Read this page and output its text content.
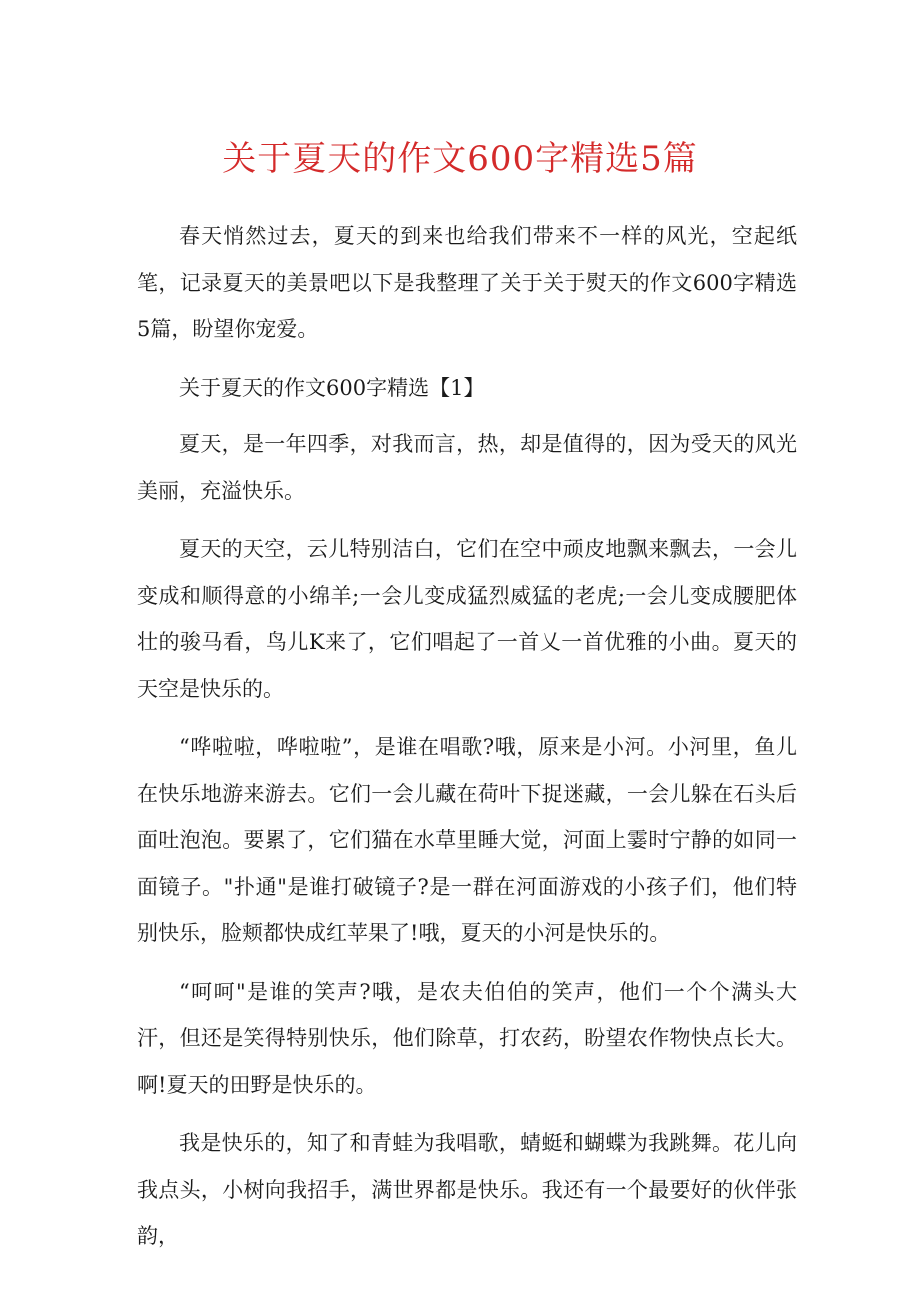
关于夏天的作文600字精选5篇

春天悄然过去，夏天的到来也给我们带来不一样的风光，空起纸笔，记录夏天的美景吧以下是我整理了关于关于熨天的作文600字精选5篇，盼望你宠爱。

关于夏天的作文600字精选【1】

夏天，是一年四季，对我而言，热，却是值得的，因为受天的风光美丽，充溢快乐。

夏天的天空，云儿特别洁白，它们在空中顽皮地飘来飘去，一会儿变成和顺得意的小绵羊;一会儿变成猛烈威猛的老虎;一会儿变成腰肥体壮的骏马看，鸟儿K来了，它们唱起了一首乂一首优雅的小曲。夏天的天空是快乐的。

“哗啦啦，哗啦啦”，是谁在唱歌?哦，原来是小河。小河里，鱼儿在快乐地游来游去。它们一会儿藏在荷叶下捉迷藏，一会儿躲在石头后面吐泡泡。要累了，它们猫在水草里睡大觉，河面上霎时宁静的如同一面镜子。"扑通"是谁打破镜子?是一群在河面游戏的小孩子们，他们特别快乐，脸颊都快成红苹果了!哦，夏天的小河是快乐的。

“呵呵"是谁的笑声?哦，是农夫伯伯的笑声，他们一个个满头大汗，但还是笑得特别快乐，他们除草，打农药，盼望农作物快点长大。啊!夏天的田野是快乐的。

我是快乐的，知了和青蛙为我唱歌，蜻蜓和蝴蝶为我跳舞。花儿向我点头，小树向我招手，满世界都是快乐。我还有一个最要好的伙伴张韵，
